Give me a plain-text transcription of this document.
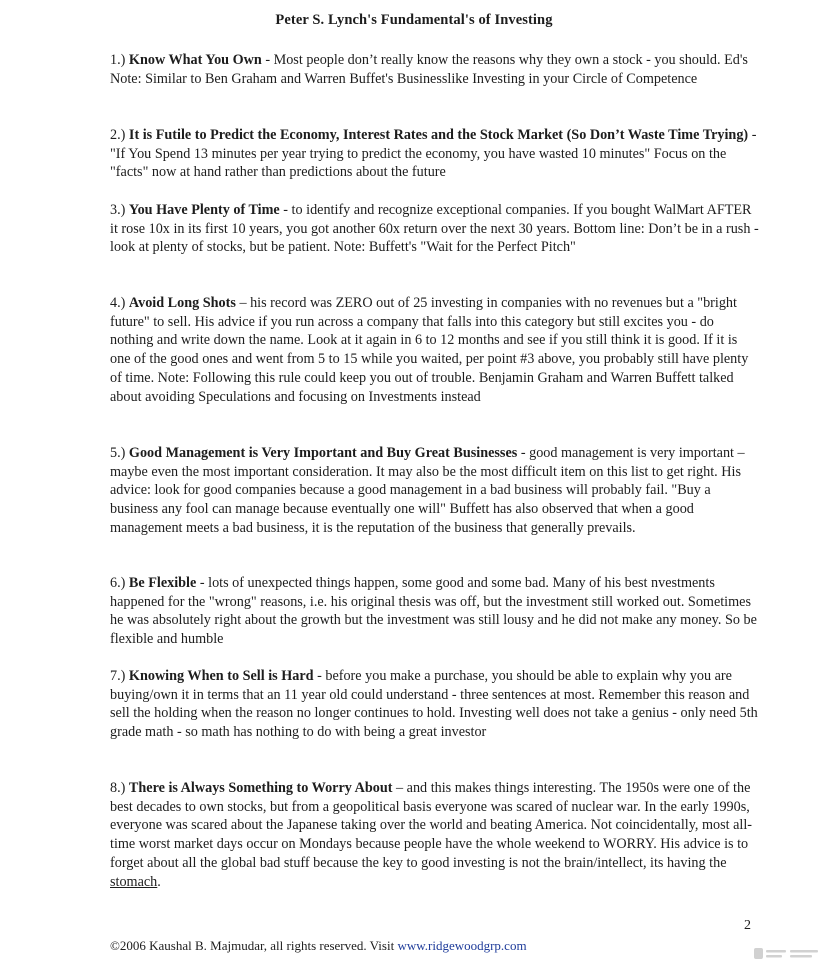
Peter S. Lynch's Fundamental's of Investing

1.) Know What You Own - Most people don’t really know the reasons why they own a stock - you should. Ed's Note: Similar to Ben Graham and Warren Buffet's Businesslike Investing in your Circle of Competence

2.) It is Futile to Predict the Economy, Interest Rates and the Stock Market (So Don’t Waste Time Trying) - "If You Spend 13 minutes per year trying to predict the economy, you have wasted 10 minutes" Focus on the "facts" now at hand rather than predictions about the future

3.) You Have Plenty of Time - to identify and recognize exceptional companies. If you bought WalMart AFTER it rose 10x in its first 10 years, you got another 60x return over the next 30 years. Bottom line: Don’t be in a rush - look at plenty of stocks, but be patient. Note: Buffett's "Wait for the Perfect Pitch"

4.) Avoid Long Shots – his record was ZERO out of 25 investing in companies with no revenues but a "bright future" to sell. His advice if you run across a company that falls into this category but still excites you - do nothing and write down the name. Look at it again in 6 to 12 months and see if you still think it is good. If it is one of the good ones and went from 5 to 15 while you waited, per point #3 above, you probably still have plenty of time. Note: Following this rule could keep you out of trouble. Benjamin Graham and Warren Buffett talked about avoiding Speculations and focusing on Investments instead

5.) Good Management is Very Important and Buy Great Businesses - good management is very important – maybe even the most important consideration. It may also be the most difficult item on this list to get right. His advice: look for good companies because a good management in a bad business will probably fail. "Buy a business any fool can manage because eventually one will" Buffett has also observed that when a good management meets a bad business, it is the reputation of the business that generally prevails.

6.) Be Flexible - lots of unexpected things happen, some good and some bad. Many of his best nvestments happened for the "wrong" reasons, i.e. his original thesis was off, but the investment still worked out. Sometimes he was absolutely right about the growth but the investment was still lousy and he did not make any money. So be flexible and humble

7.) Knowing When to Sell is Hard - before you make a purchase, you should be able to explain why you are buying/own it in terms that an 11 year old could understand - three sentences at most. Remember this reason and sell the holding when the reason no longer continues to hold. Investing well does not take a genius - only need 5th grade math - so math has nothing to do with being a great investor

8.) There is Always Something to Worry About – and this makes things interesting. The 1950s were one of the best decades to own stocks, but from a geopolitical basis everyone was scared of nuclear war. In the early 1990s, everyone was scared about the Japanese taking over the world and beating America. Not coincidentally, most all-time worst market days occur on Mondays because people have the whole weekend to WORRY. His advice is to forget about all the global bad stuff because the key to good investing is not the brain/intellect, its having the stomach.

2
©2006 Kaushal B. Majmudar, all rights reserved. Visit www.ridgewoodgrp.com
